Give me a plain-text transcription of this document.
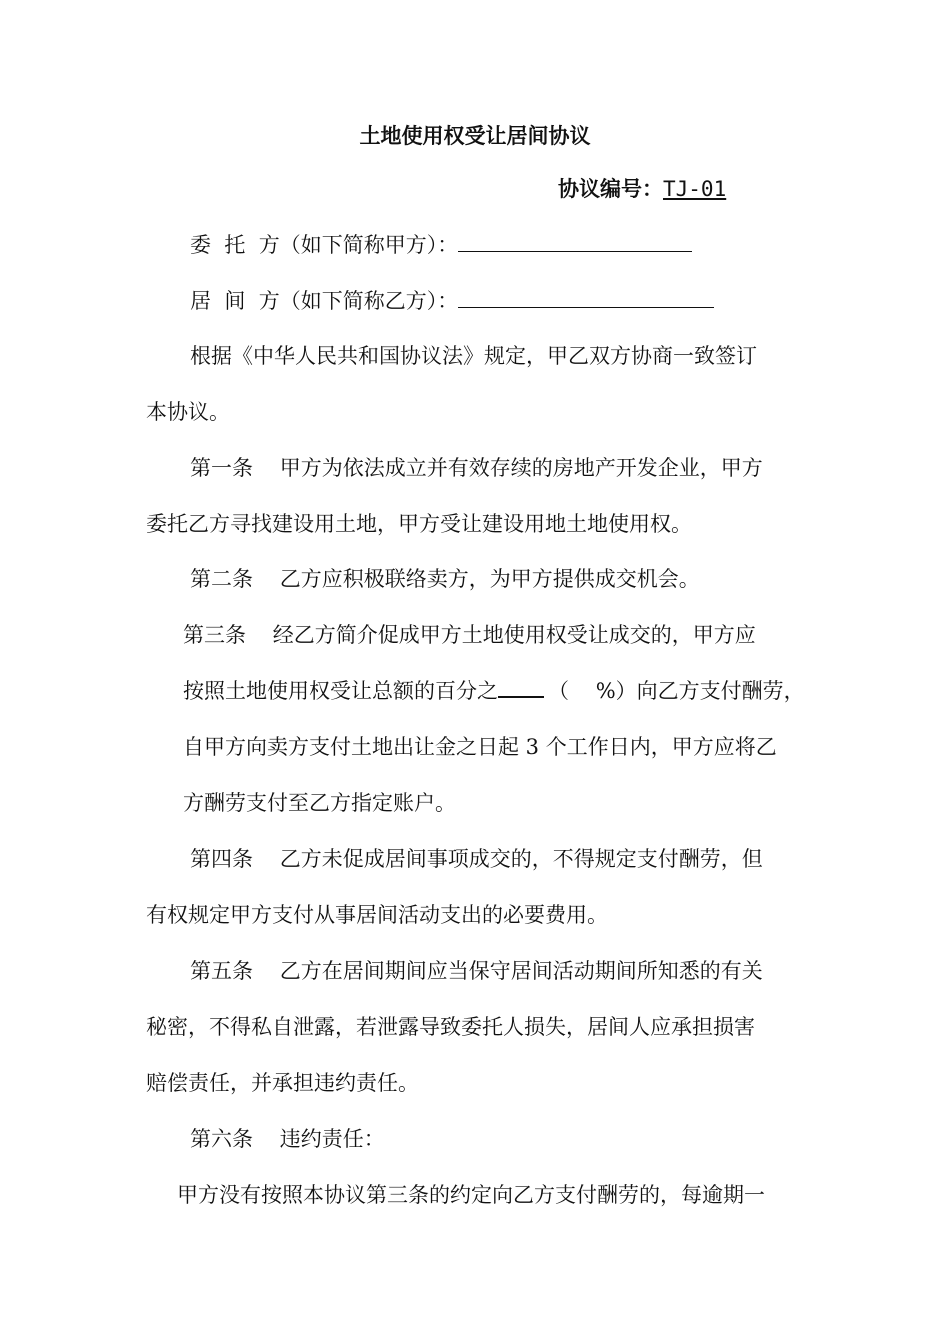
土地使用权受让居间协议
协议编号：TJ-01
委  托  方（如下简称甲方）：
居  间  方（如下简称乙方）：
根据《中华人民共和国协议法》规定，甲乙双方协商一致签订
本协议。
第一条    甲方为依法成立并有效存续的房地产开发企业，甲方
委托乙方寻找建设用土地，甲方受让建设用地土地使用权。
第二条    乙方应积极联络卖方，为甲方提供成交机会。
第三条    经乙方简介促成甲方土地使用权受让成交的，甲方应
按照土地使用权受让总额的百分之 （    %）向乙方支付酬劳，
自甲方向卖方支付土地出让金之日起 3 个工作日内，甲方应将乙
方酬劳支付至乙方指定账户。
第四条    乙方未促成居间事项成交的，不得规定支付酬劳，但
有权规定甲方支付从事居间活动支出的必要费用。
第五条    乙方在居间期间应当保守居间活动期间所知悉的有关
秘密，不得私自泄露，若泄露导致委托人损失，居间人应承担损害
赔偿责任，并承担违约责任。
第六条    违约责任：
甲方没有按照本协议第三条的约定向乙方支付酬劳的，每逾期一
